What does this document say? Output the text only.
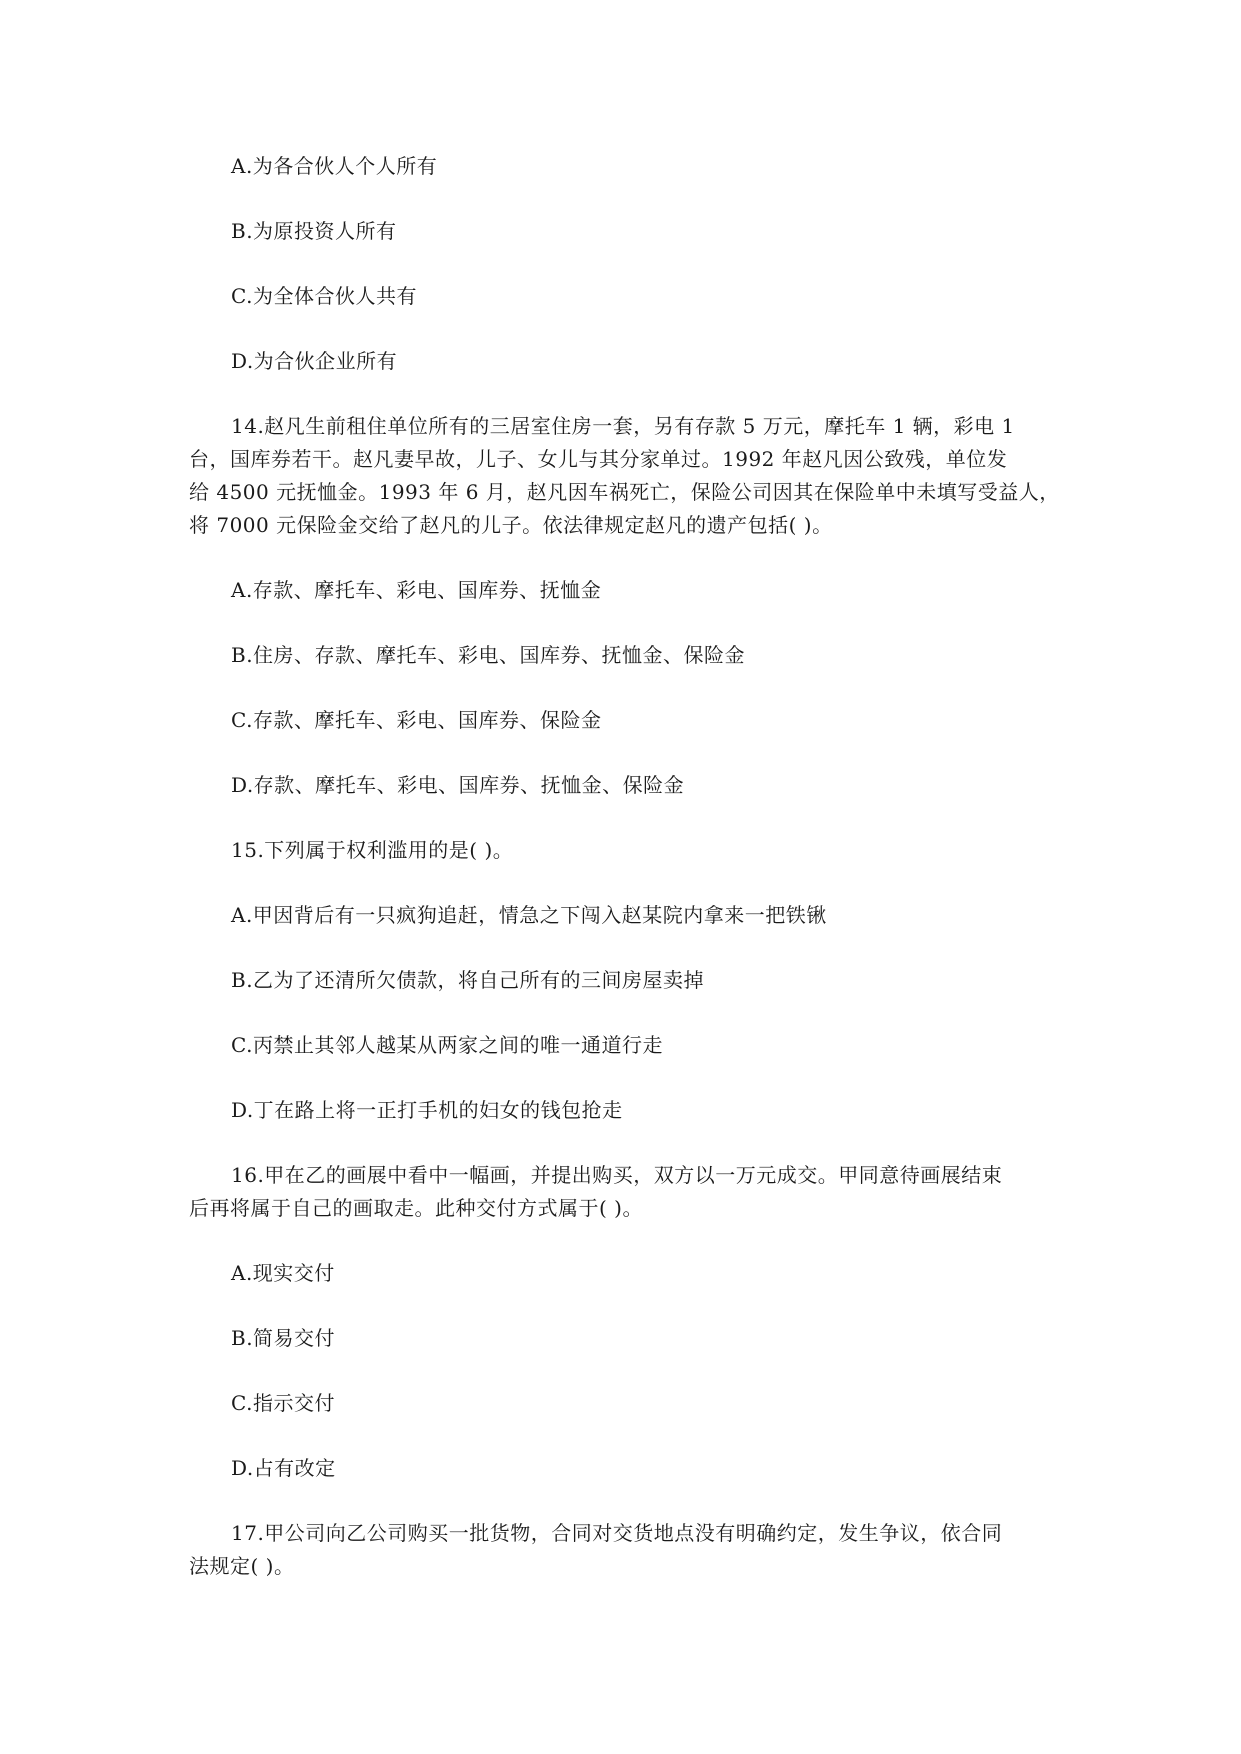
A.为各合伙人个人所有
B.为原投资人所有
C.为全体合伙人共有
D.为合伙企业所有
14.赵凡生前租住单位所有的三居室住房一套，另有存款 5 万元，摩托车 1 辆，彩电 1
台，国库券若干。赵凡妻早故，儿子、女儿与其分家单过。1992 年赵凡因公致残，单位发
给 4500 元抚恤金。1993 年 6 月，赵凡因车祸死亡，保险公司因其在保险单中未填写受益人，
将 7000 元保险金交给了赵凡的儿子。依法律规定赵凡的遗产包括( )。
A.存款、摩托车、彩电、国库券、抚恤金
B.住房、存款、摩托车、彩电、国库券、抚恤金、保险金
C.存款、摩托车、彩电、国库券、保险金
D.存款、摩托车、彩电、国库券、抚恤金、保险金
15.下列属于权利滥用的是( )。
A.甲因背后有一只疯狗追赶，情急之下闯入赵某院内拿来一把铁锹
B.乙为了还清所欠债款，将自己所有的三间房屋卖掉
C.丙禁止其邻人越某从两家之间的唯一通道行走
D.丁在路上将一正打手机的妇女的钱包抢走
16.甲在乙的画展中看中一幅画，并提出购买，双方以一万元成交。甲同意待画展结束
后再将属于自己的画取走。此种交付方式属于( )。
A.现实交付
B.简易交付
C.指示交付
D.占有改定
17.甲公司向乙公司购买一批货物，合同对交货地点没有明确约定，发生争议，依合同
法规定( )。
